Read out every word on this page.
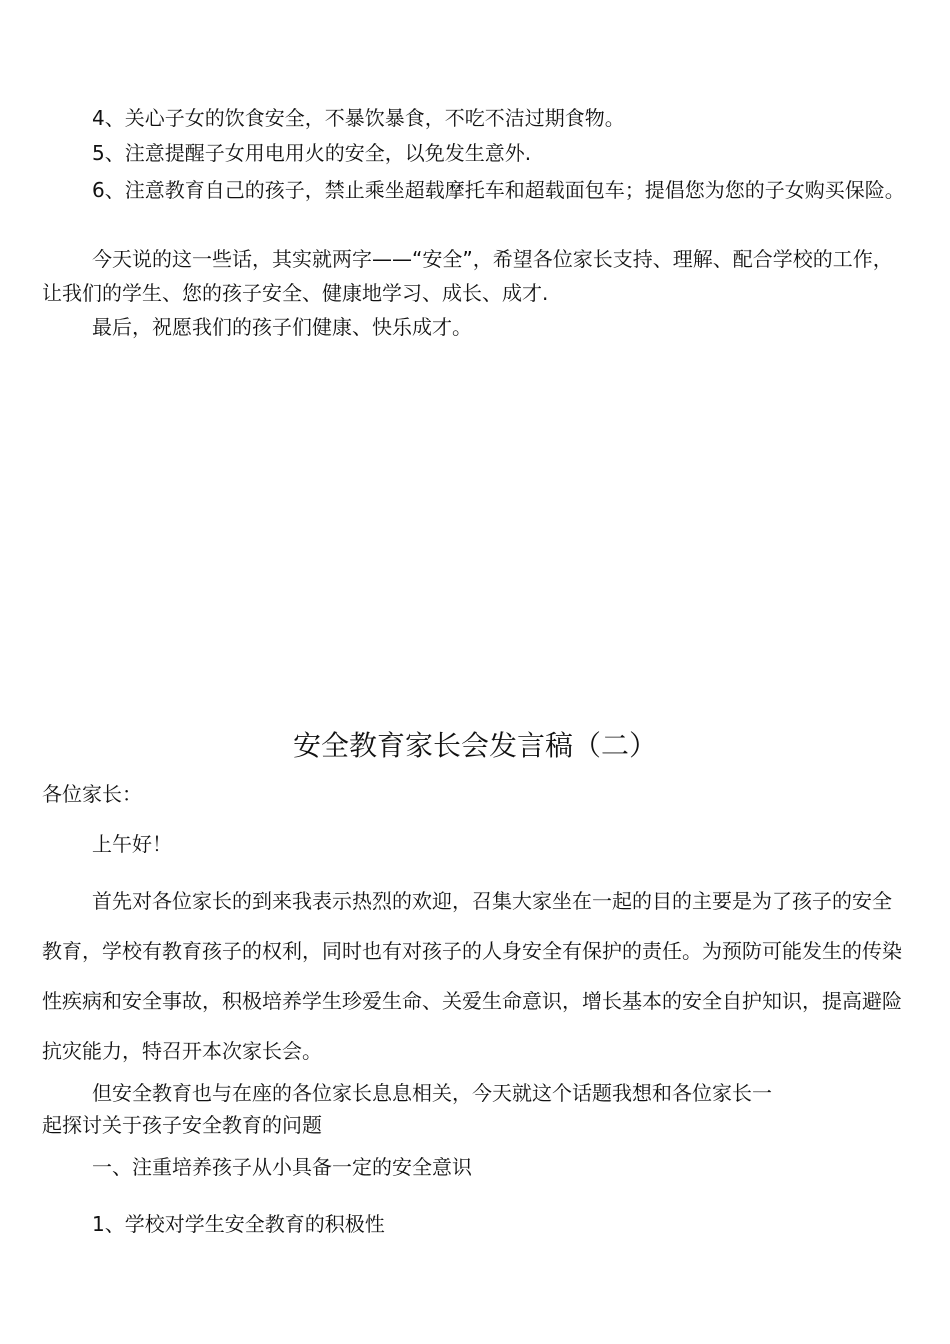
4、关心子女的饮食安全，不暴饮暴食，不吃不洁过期食物。

5、注意提醒子女用电用火的安全，以免发生意外.

6、注意教育自己的孩子，禁止乘坐超载摩托车和超载面包车；提倡您为您的子女购买保险。

今天说的这一些话，其实就两字——“安全”，希望各位家长支持、理解、配合学校的工作，让我们的学生、您的孩子安全、健康地学习、成长、成才.

最后，祝愿我们的孩子们健康、快乐成才。

安全教育家长会发言稿（二）

各位家长：

上午好！

首先对各位家长的到来我表示热烈的欢迎，召集大家坐在一起的目的主要是为了孩子的安全教育，学校有教育孩子的权利，同时也有对孩子的人身安全有保护的责任。为预防可能发生的传染性疾病和安全事故，积极培养学生珍爱生命、关爱生命意识，增长基本的安全自护知识，提高避险抗灾能力，特召开本次家长会。

但安全教育也与在座的各位家长息息相关，今天就这个话题我想和各位家长一

起探讨关于孩子安全教育的问题

一、注重培养孩子从小具备一定的安全意识

1、学校对学生安全教育的积极性
